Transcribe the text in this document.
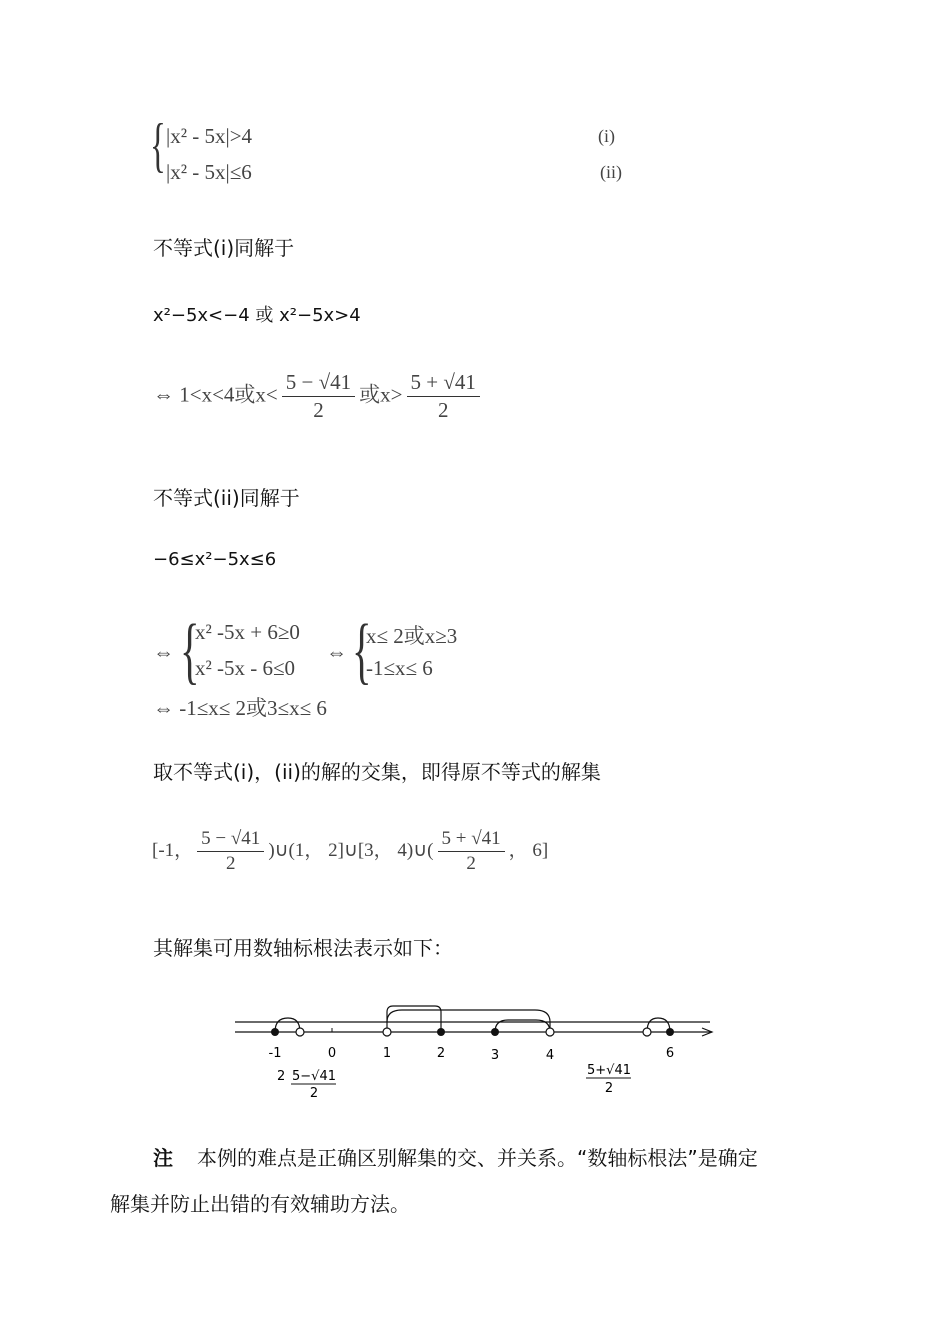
{ |x² - 5x|>4
|x² - 5x|≤6
(i)
(ii)
不等式(i)同解于
x²−5x<−4 或 x²−5x>4
⇔ 1<x<4或$x< \frac{5 - √41}{2}$ 或$x> \frac{5 + √41}{2}$
不等式(ii)同解于
−6≤x²−5x≤6
⇔ {
x² -5x + 6≥0
x² -5x - 6≤0
⇔ {
x≤ 2或x≥3
-1≤x≤ 6
⇔ -1≤x≤ 2或3≤x≤ 6
取不等式(i)，(ii)的解的交集，即得原不等式的解集
[-1， $\frac{5 - √41}{2}$ )∪(1， 2]∪[3， 4)∪( $\frac{5 + √41}{2}$ ， 6]
其解集可用数轴标根法表示如下：
-1	0	1	2	3	4	6
2 5−√41
2
5+√41
2
注 本例的难点是正确区别解集的交、并关系。“数轴标根法”是确定
解集并防止出错的有效辅助方法。
